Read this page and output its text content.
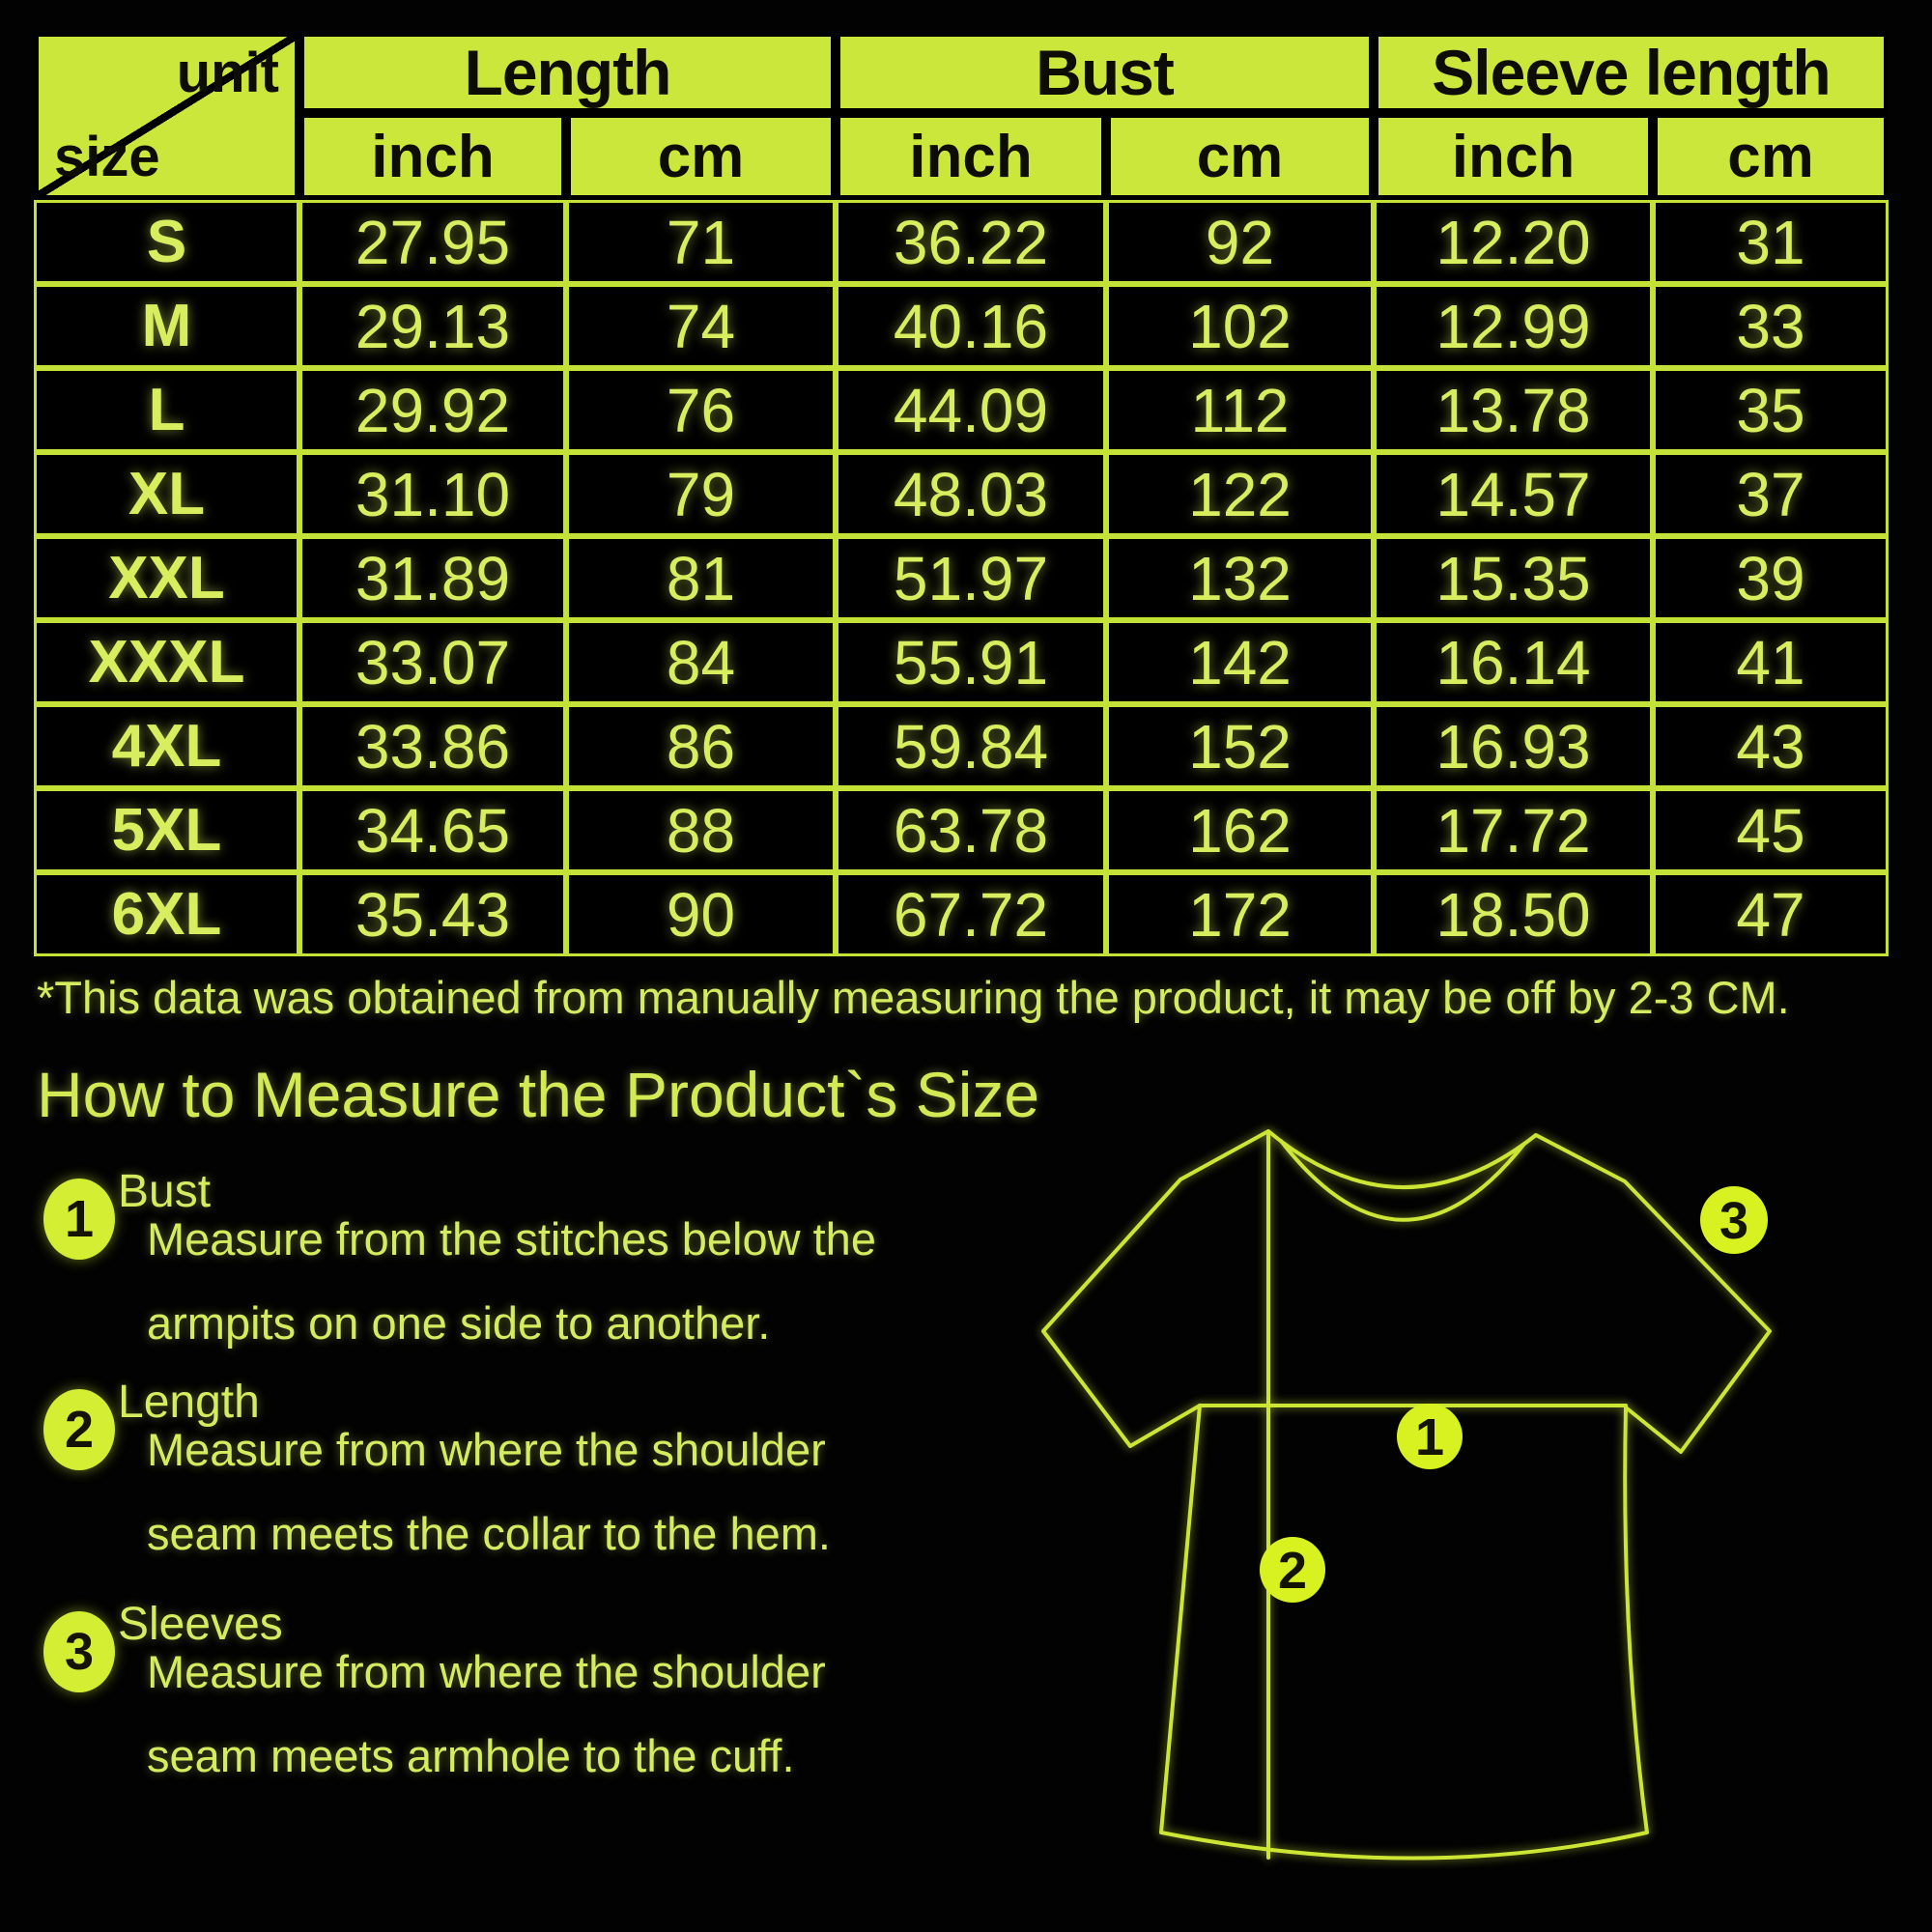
unit
size
Length	Bust	Sleeve length
inch	cm	inch	cm	inch	cm
S	27.95	71	36.22	92	12.20	31
M	29.13	74	40.16	102	12.99	33
L	29.92	76	44.09	112	13.78	35
XL	31.10	79	48.03	122	14.57	37
XXL	31.89	81	51.97	132	15.35	39
XXXL	33.07	84	55.91	142	16.14	41
4XL	33.86	86	59.84	152	16.93	43
5XL	34.65	88	63.78	162	17.72	45
6XL	35.43	90	67.72	172	18.50	47
*This data was obtained from manually measuring the product, it may be off by 2-3 CM.
How to Measure the Product`s Size
1 Bust
Measure from the stitches below the
armpits on one side to another.
2 Length
Measure from where the shoulder
seam meets the collar to the hem.
3 Sleeves
Measure from where the shoulder
seam meets armhole to the cuff.
1
2
3
